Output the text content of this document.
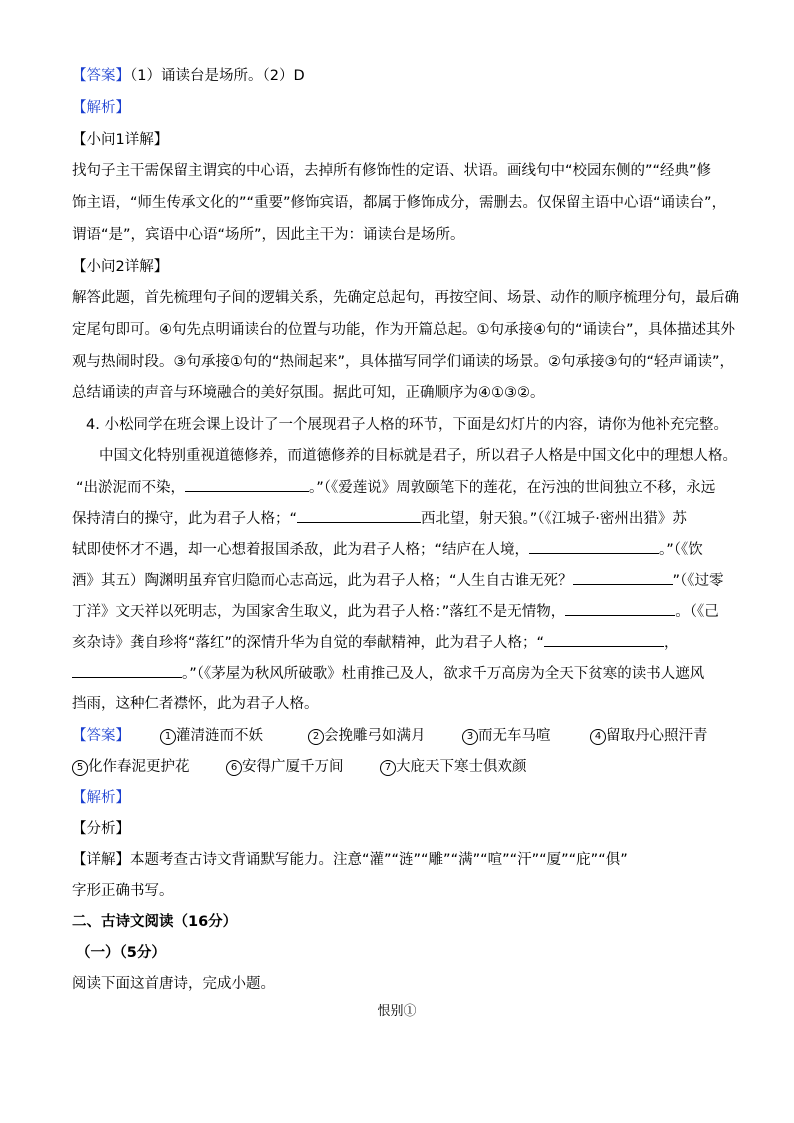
【答案】（1）诵读台是场所。（2）D
【解析】
【小问1详解】
找句子主干需保留主谓宾的中心语，去掉所有修饰性的定语、状语。画线句中“校园东侧的”“经典”修
饰主语，“师生传承文化的”“重要”修饰宾语，都属于修饰成分，需删去。仅保留主语中心语“诵读台”，
谓语“是”，宾语中心语“场所”，因此主干为：诵读台是场所。
【小问2详解】
解答此题，首先梳理句子间的逻辑关系，先确定总起句，再按空间、场景、动作的顺序梳理分句，最后确
定尾句即可。④句先点明诵读台的位置与功能，作为开篇总起。①句承接④句的“诵读台”，具体描述其外
观与热闹时段。③句承接①句的“热闹起来”，具体描写同学们诵读的场景。②句承接③句的“轻声诵读”，
总结诵读的声音与环境融合的美好氛围。据此可知，正确顺序为④①③②。
4. 小松同学在班会课上设计了一个展现君子人格的环节，下面是幻灯片的内容，请你为他补充完整。
中国文化特别重视道德修养，而道德修养的目标就是君子，所以君子人格是中国文化中的理想人格。
“出淤泥而不染，	。”（《爱莲说》周敦颐笔下的莲花，在污浊的世间独立不移，永远
保持清白的操守，此为君子人格；“	西北望，射天狼。”（《江城子·密州出猎》苏
轼即使怀才不遇，却一心想着报国杀敌，此为君子人格；“结庐在人境，	。”（《饮
酒》其五）陶渊明虽弃官归隐而心志高远，此为君子人格；“人生自古谁无死？	”（《过零
丁洋》文天祥以死明志，为国家舍生取义，此为君子人格：”落红不是无情物，	。（《己
亥杂诗》龚自珍将“落红”的深情升华为自觉的奉献精神，此为君子人格；“	，
。”（《茅屋为秋风所破歌》杜甫推己及人，欲求千万高房为全天下贫寒的读书人遮风
挡雨，这种仁者襟怀，此为君子人格。
【答案】	1 灌清涟而不妖	2 会挽雕弓如满月	3 而无车马喧	4 留取丹心照汗青
5 化作春泥更护花	6 安得广厦千万间	7 大庇天下寒士俱欢颜
【解析】
【分析】
【详解】本题考查古诗文背诵默写能力。注意“灌”“涟”“雕”“满”“喧”“汗”“厦”“庇”“俱”
字形正确书写。
二、古诗文阅读（16分）
（一）（5分）
阅读下面这首唐诗，完成小题。
恨别①
